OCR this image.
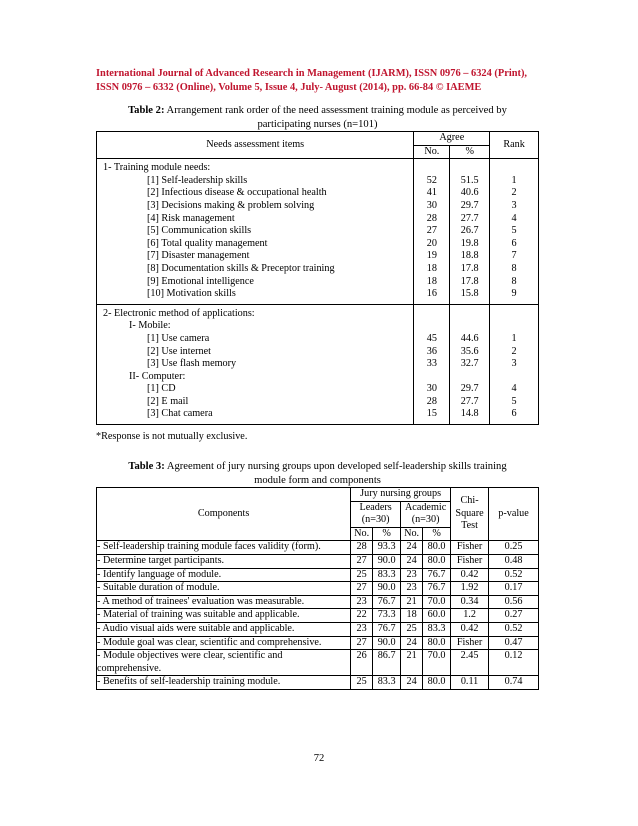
International Journal of Advanced Research in Management (IJARM), ISSN 0976 – 6324 (Print),
ISSN 0976 – 6332 (Online), Volume 5, Issue 4, July- August (2014), pp. 66-84 © IAEME
Table 2: Arrangement rank order of the need assessment training module as perceived by
participating nurses (n=101)
Needs assessment items	Agree		Rank
	No.	%	
1- Training module needs:			
[1] Self-leadership skills	52	51.5	1
[2] Infectious disease & occupational health	41	40.6	2
[3] Decisions making & problem solving	30	29.7	3
[4] Risk management	28	27.7	4
[5] Communication skills	27	26.7	5
[6] Total quality management	20	19.8	6
[7] Disaster management	19	18.8	7
[8] Documentation skills & Preceptor training	18	17.8	8
[9] Emotional intelligence	18	17.8	8
[10] Motivation skills	16	15.8	9
2- Electronic method of applications:			
I- Mobile:			
[1] Use camera	45	44.6	1
[2] Use internet	36	35.6	2
[3] Use flash memory	33	32.7	3
II- Computer:			
[1] CD	30	29.7	4
[2] E mail	28	27.7	5
[3] Chat camera	15	14.8	6
*Response is not mutually exclusive.
Table 3: Agreement of jury nursing groups upon developed self-leadership skills training
module form and components
Components	Jury nursing groups				Chi-Square Test	p-value
	Leaders
(n=30)		Academic
(n=30)			
	No.	%	No.	%		
- Self-leadership training module faces validity (form).	28	93.3	24	80.0	Fisher	0.25
- Determine target participants.	27	90.0	24	80.0	Fisher	0.48
- Identify language of module.	25	83.3	23	76.7	0.42	0.52
- Suitable duration of module.	27	90.0	23	76.7	1.92	0.17
- A method of trainees' evaluation was measurable.	23	76.7	21	70.0	0.34	0.56
- Material of training was suitable and applicable.	22	73.3	18	60.0	1.2	0.27
- Audio visual aids were suitable and applicable.	23	76.7	25	83.3	0.42	0.52
- Module goal was clear, scientific and comprehensive.	27	90.0	24	80.0	Fisher	0.47
- Module objectives were clear, scientific and comprehensive.	26	86.7	21	70.0	2.45	0.12
- Benefits of self-leadership training module.	25	83.3	24	80.0	0.11	0.74
72
